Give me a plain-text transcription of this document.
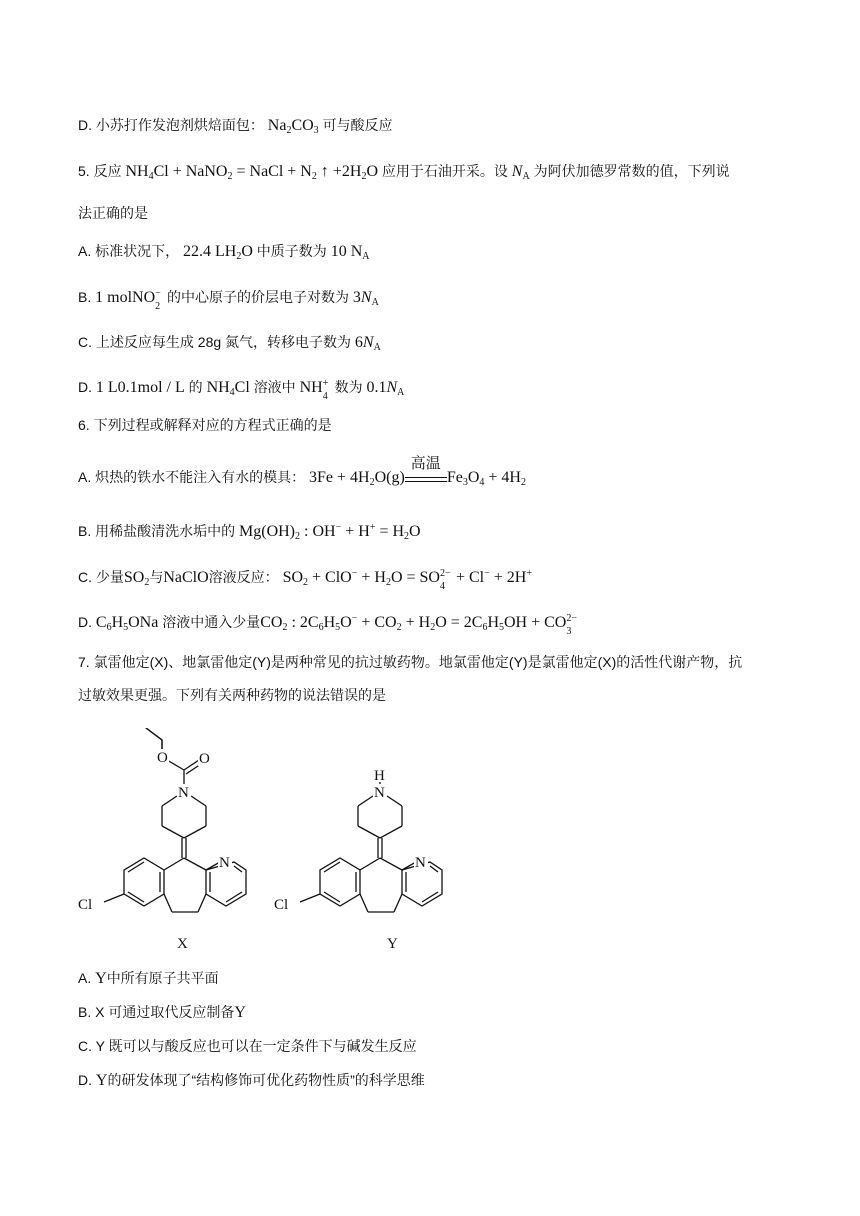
D. 小苏打作发泡剂烘焙面包： $Na_2CO_3$ 可与酸反应
5. 反应 $NH_4Cl$ + NaNO$_2$ = NaCl + $N_2$ ↑ $+2H_2O$ 应用于石油开采。设 $N_A$ 为阿伏加德罗常数的值，下列说
法正确的是
A. 标准状况下， 22.4 $LH_2O$ 中质子数为 10 $N_A$
B. 1 molNO −
2
的中心原子的价层电子对数为 $3N_A$
C. 上述反应每生成 28g 氮气，转移电子数为 $6N_A$
D. 1 L0.1mol / L 的 $NH_4Cl$ 溶液中 NH +
4
数为 $0.1N_A$
6. 下列过程或解释对应的方程式正确的是
A. 炽热的铁水不能注入有水的模具： $3Fe + 4H_2O(g)$
高温
$Fe_3O_4 + 4H_2$
B. 用稀盐酸清洗水垢中的 $Mg(OH)_2$ : $OH^- + H^+ = H_2O$
C. 少量$SO_2$与NaClO溶液反应： $SO_2 + ClO^- + H_2O$ = SO 2−
4
+ Cl− + 2H+
D. $C_6H_5ONa$ 溶液中通入少量$CO_2$ : $2C_6H_5O^- + CO_2 + H_2O = 2C_6H_5OH$ + CO 2−
3
7. 氯雷他定(X)、地氯雷他定(Y)是两种常见的抗过敏药物。地氯雷他定(Y)是氯雷他定(X)的活性代谢产物，抗
过敏效果更强。下列有关两种药物的说法错误的是
O O
N
N
Cl
X
H
N
N
Cl
Y
A. Y中所有原子共平面
B. X 可通过取代反应制备Y
C. Y 既可以与酸反应也可以在一定条件下与碱发生反应
D. Y的研发体现了“结构修饰可优化药物性质”的科学思维
